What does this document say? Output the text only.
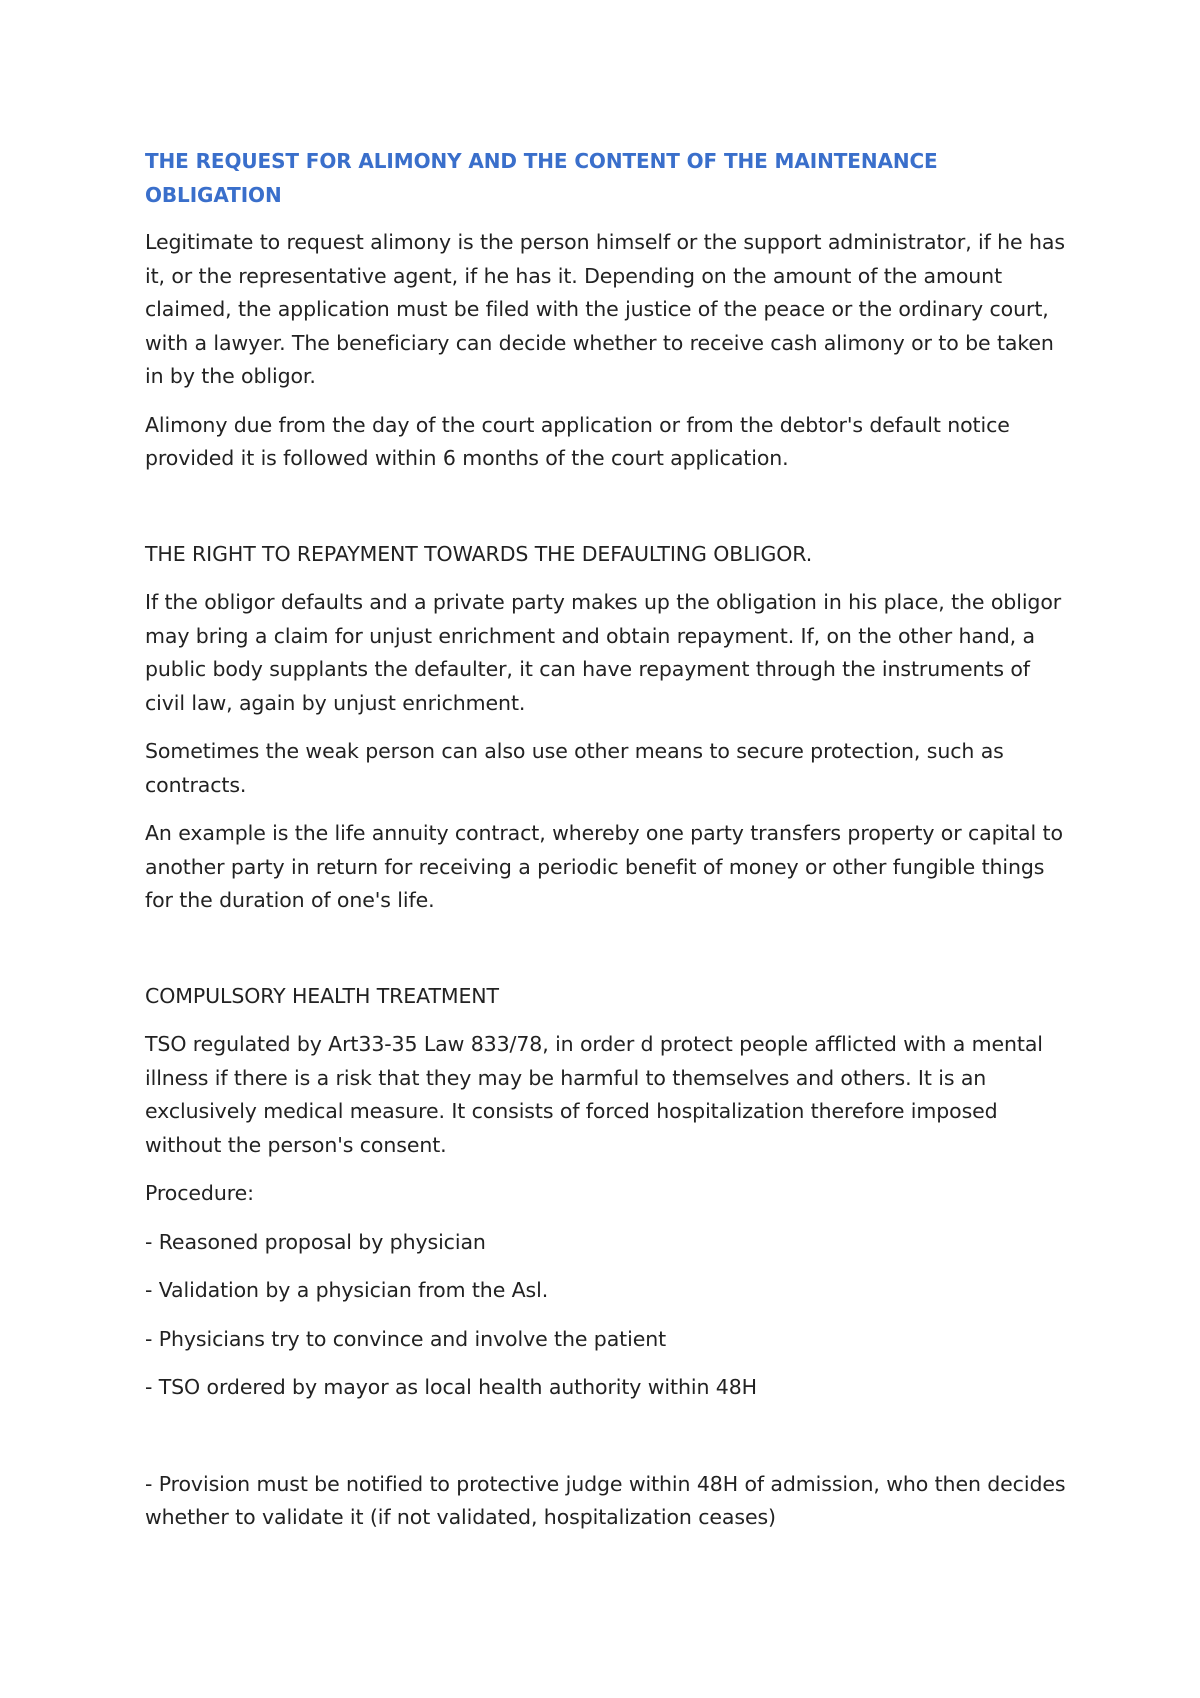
THE REQUEST FOR ALIMONY AND THE CONTENT OF THE MAINTENANCE OBLIGATION

Legitimate to request alimony is the person himself or the support administrator, if he has it, or the representative agent, if he has it. Depending on the amount of the amount claimed, the application must be filed with the justice of the peace or the ordinary court, with a lawyer. The beneficiary can decide whether to receive cash alimony or to be taken in by the obligor.

Alimony due from the day of the court application or from the debtor's default notice provided it is followed within 6 months of the court application.

THE RIGHT TO REPAYMENT TOWARDS THE DEFAULTING OBLIGOR.

If the obligor defaults and a private party makes up the obligation in his place, the obligor may bring a claim for unjust enrichment and obtain repayment. If, on the other hand, a public body supplants the defaulter, it can have repayment through the instruments of civil law, again by unjust enrichment.

Sometimes the weak person can also use other means to secure protection, such as contracts.

An example is the life annuity contract, whereby one party transfers property or capital to another party in return for receiving a periodic benefit of money or other fungible things for the duration of one's life.

COMPULSORY HEALTH TREATMENT

TSO regulated by Art33-35 Law 833/78, in order d protect people afflicted with a mental illness if there is a risk that they may be harmful to themselves and others. It is an exclusively medical measure. It consists of forced hospitalization therefore imposed without the person's consent.

Procedure:

- Reasoned proposal by physician

- Validation by a physician from the Asl.

- Physicians try to convince and involve the patient

- TSO ordered by mayor as local health authority within 48H

- Provision must be notified to protective judge within 48H of admission, who then decides whether to validate it (if not validated, hospitalization ceases)
